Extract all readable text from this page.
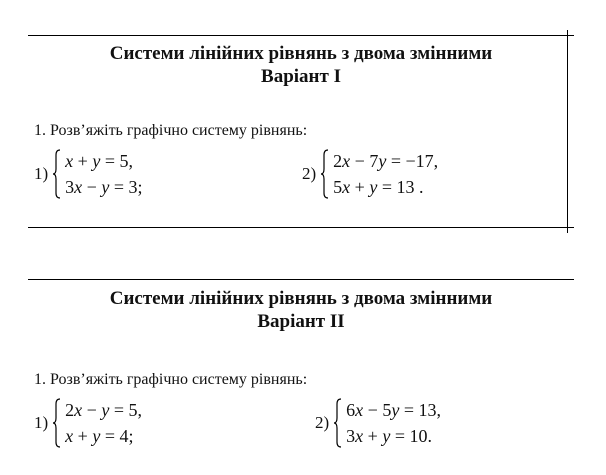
Системи лінійних рівнянь з двома змінними
Варіант I
1. Розв’яжіть графічно систему рівнянь:
1)
x + y = 5,
3x − y = 3;
2)
2x − 7y = −17,
5x + y = 13 .
Системи лінійних рівнянь з двома змінними
Варіант II
1. Розв’яжіть графічно систему рівнянь:
1)
2x − y = 5,
x + y = 4;
2)
6x − 5y = 13,
3x + y = 10.
